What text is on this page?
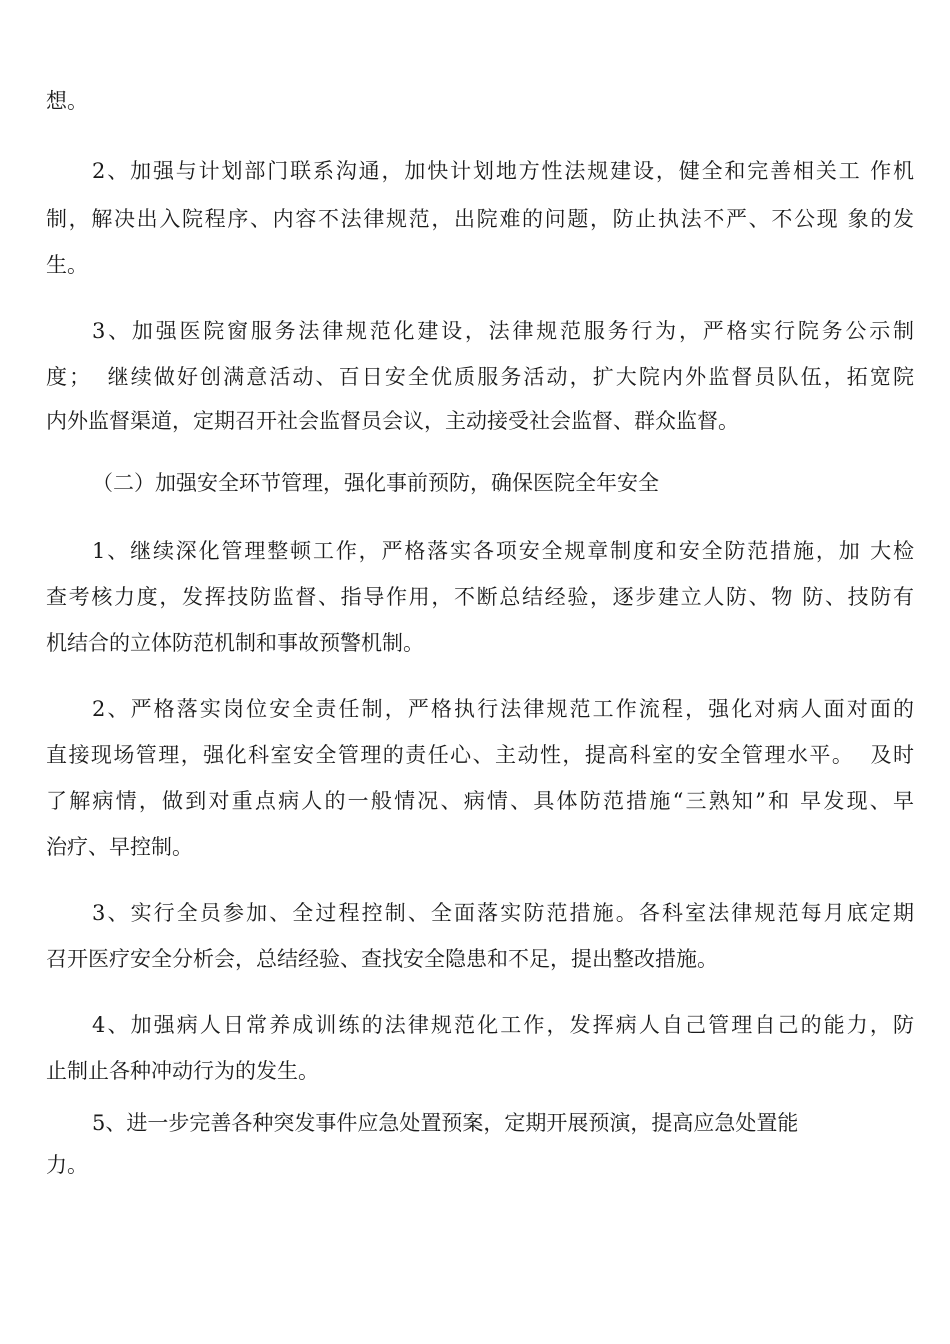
想。

2、加强与计划部门联系沟通，加快计划地方性法规建设，健全和完善相关工 作机

制，解决出入院程序、内容不法律规范，出院难的问题，防止执法不严、不公现 象的发

生。

3、加强医院窗服务法律规范化建设，法律规范服务行为，严格实行院务公示制

度；  继续做好创满意活动、百日安全优质服务活动，扩大院内外监督员队伍，拓宽院

内外监督渠道，定期召开社会监督员会议，主动接受社会监督、群众监督。

（二）加强安全环节管理，强化事前预防，确保医院全年安全

1、继续深化管理整顿工作，严格落实各项安全规章制度和安全防范措施，加 大检

查考核力度，发挥技防监督、指导作用，不断总结经验，逐步建立人防、物 防、技防有

机结合的立体防范机制和事故预警机制。

2、严格落实岗位安全责任制，严格执行法律规范工作流程，强化对病人面对面的

直接现场管理，强化科室安全管理的责任心、主动性，提高科室的安全管理水平。  及时

了解病情，做到对重点病人的一般情况、病情、具体防范措施“三熟知”和 早发现、早

治疗、早控制。

3、实行全员参加、全过程控制、全面落实防范措施。各科室法律规范每月底定期

召开医疗安全分析会，总结经验、查找安全隐患和不足，提出整改措施。

4、加强病人日常养成训练的法律规范化工作，发挥病人自己管理自己的能力，防

止制止各种冲动行为的发生。

5、进一步完善各种突发事件应急处置预案，定期开展预演，提高应急处置能

力。
